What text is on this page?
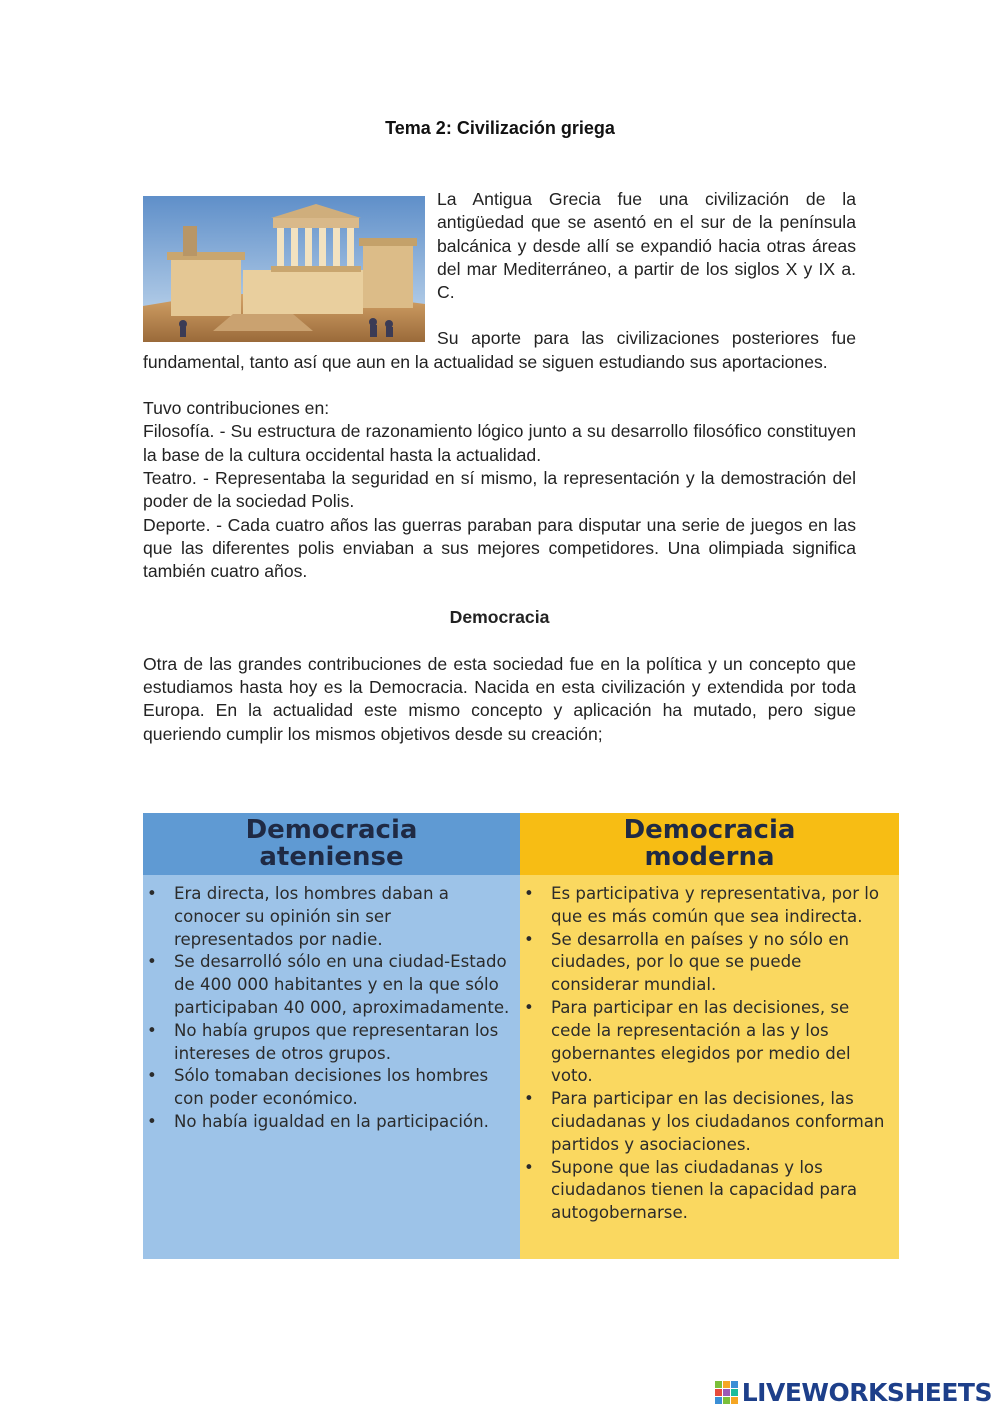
Tema 2: Civilización griega

La Antigua Grecia fue una civilización de la antigüedad que se asentó en el sur de la península balcánica y desde allí se expandió hacia otras áreas del mar Mediterráneo, a partir de los siglos X y IX a. C.

Su aporte para las civilizaciones posteriores fue fundamental, tanto así que aun en la actualidad se siguen estudiando sus aportaciones.

Tuvo contribuciones en:

Filosofía. - Su estructura de razonamiento lógico junto a su desarrollo filosófico constituyen la base de la cultura occidental hasta la actualidad.

Teatro. - Representaba la seguridad en sí mismo, la representación y la demostración del poder de la sociedad Polis.

Deporte. - Cada cuatro años las guerras paraban para disputar una serie de juegos en las que las diferentes polis enviaban a sus mejores competidores. Una olimpiada significa también cuatro años.

Democracia

Otra de las grandes contribuciones de esta sociedad fue en la política y un concepto que estudiamos hasta hoy es la Democracia. Nacida en esta civilización y extendida por toda Europa. En la actualidad este mismo concepto y aplicación ha mutado, pero sigue queriendo cumplir los mismos objetivos desde su creación;

Democracia ateniense
• Era directa, los hombres daban a conocer su opinión sin ser representados por nadie.
• Se desarrolló sólo en una ciudad-Estado de 400 000 habitantes y en la que sólo participaban 40 000, aproximadamente.
• No había grupos que representaran los intereses de otros grupos.
• Sólo tomaban decisiones los hombres con poder económico.
• No había igualdad en la participación.
Democracia moderna
• Es participativa y representativa, por lo que es más común que sea indirecta.
• Se desarrolla en países y no sólo en ciudades, por lo que se puede considerar mundial.
• Para participar en las decisiones, se cede la representación a las y los gobernantes elegidos por medio del voto.
• Para participar en las decisiones, las ciudadanas y los ciudadanos conforman partidos y asociaciones.
• Supone que las ciudadanas y los ciudadanos tienen la capacidad para autogobernarse.
LIVEWORKSHEETS
